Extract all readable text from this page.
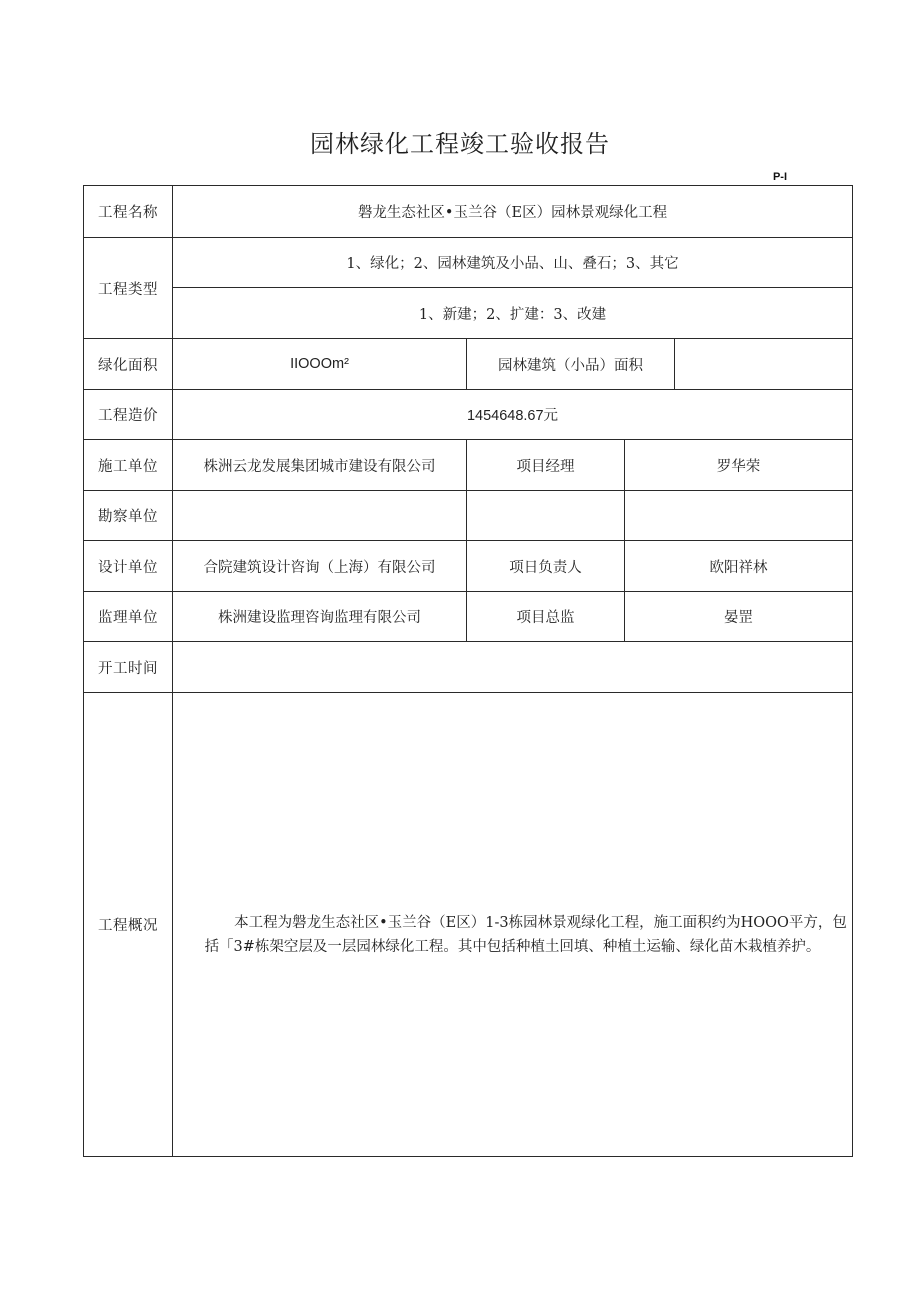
园林绿化工程竣工验收报告
P-I
工程名称	磐龙生态社区•玉兰谷（E区）园林景观绿化工程			
工程类型	1、绿化；2、园林建筑及小品、山、叠石；3、其它			
	1、新建；2、扩建：3、改建			
绿化面积	IIOOOm²	园林建筑（小品）面积		
工程造价	1454648.67元			
施工单位	株洲云龙发展集团城市建设有限公司	项目经理	罗华荣	
勘察单位				
设计单位	合院建筑设计咨询（上海）有限公司	项日负责人	欧阳祥林	
监理单位	株洲建设监理咨询监理有限公司	项目总监	晏罡	
开工时间				
工程概况	本工程为磐龙生态社区•玉兰谷（E区）1-3栋园林景观绿化工程，施工面积约为HOOO平方，包括「3#栋架空层及一层园林绿化工程。其中包括种植土回填、种植土运输、绿化苗木栽植养护。			
